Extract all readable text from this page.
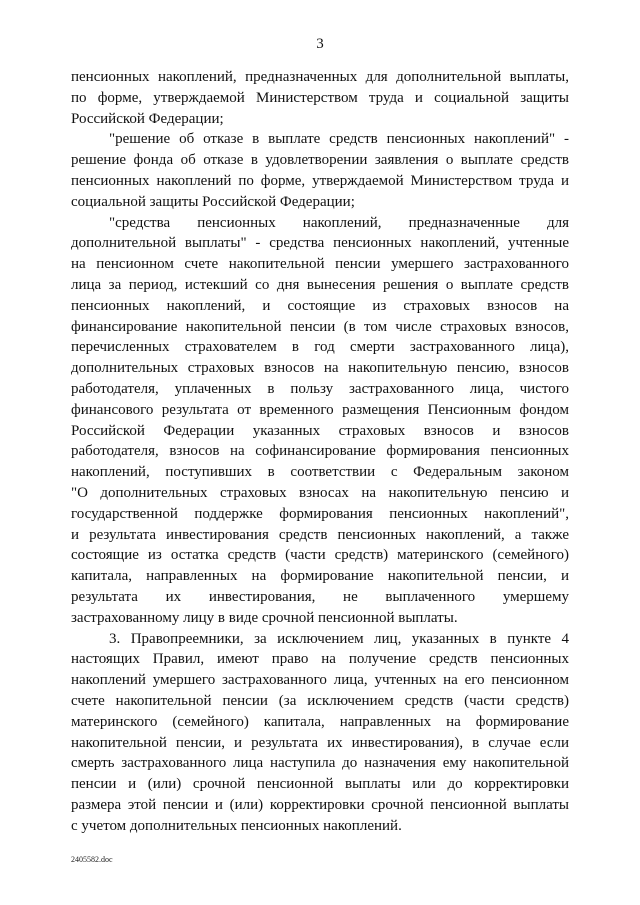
3
пенсионных накоплений, предназначенных для дополнительной выплаты,
по форме, утверждаемой Министерством труда и социальной защиты
Российской Федерации;
"решение об отказе в выплате средств пенсионных накоплений" -
решение фонда об отказе в удовлетворении заявления о выплате средств
пенсионных накоплений по форме, утверждаемой Министерством труда и
социальной защиты Российской Федерации;
"средства пенсионных накоплений, предназначенные для
дополнительной выплаты" - средства пенсионных накоплений, учтенные
на пенсионном счете накопительной пенсии умершего застрахованного
лица за период, истекший со дня вынесения решения о выплате средств
пенсионных накоплений, и состоящие из страховых взносов на
финансирование накопительной пенсии (в том числе страховых взносов,
перечисленных страхователем в год смерти застрахованного лица),
дополнительных страховых взносов на накопительную пенсию, взносов
работодателя, уплаченных в пользу застрахованного лица, чистого
финансового результата от временного размещения Пенсионным фондом
Российской Федерации указанных страховых взносов и взносов
работодателя, взносов на софинансирование формирования пенсионных
накоплений, поступивших в соответствии с Федеральным законом
"О дополнительных страховых взносах на накопительную пенсию и
государственной поддержке формирования пенсионных накоплений",
и результата инвестирования средств пенсионных накоплений, а также
состоящие из остатка средств (части средств) материнского (семейного)
капитала, направленных на формирование накопительной пенсии, и
результата их инвестирования, не выплаченного умершему
застрахованному лицу в виде срочной пенсионной выплаты.
3. Правопреемники, за исключением лиц, указанных в пункте 4
настоящих Правил, имеют право на получение средств пенсионных
накоплений умершего застрахованного лица, учтенных на его пенсионном
счете накопительной пенсии (за исключением средств (части средств)
материнского (семейного) капитала, направленных на формирование
накопительной пенсии, и результата их инвестирования), в случае если
смерть застрахованного лица наступила до назначения ему накопительной
пенсии и (или) срочной пенсионной выплаты или до корректировки
размера этой пенсии и (или) корректировки срочной пенсионной выплаты
с учетом дополнительных пенсионных накоплений.
2405582.doc
